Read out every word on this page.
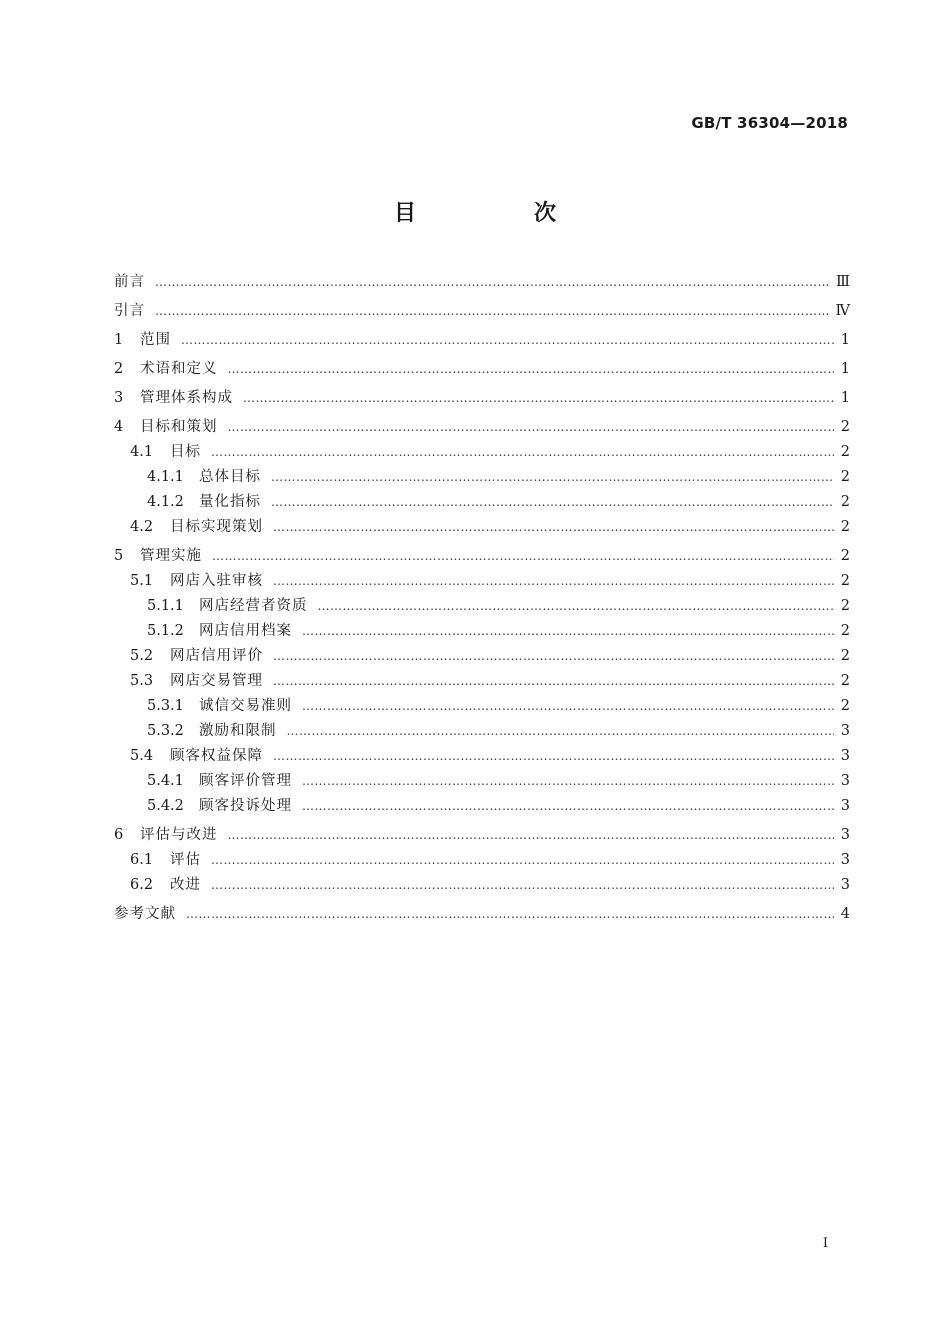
GB/T 36304—2018
目　次
前言 …………………………………………………………………………………………………………………………………………………………………………………………………………………………	Ⅲ
引言 …………………………………………………………………………………………………………………………………………………………………………………………………………………………	Ⅳ
1	范围 …………………………………………………………………………………………………………………………………………………………………………………………………………………………	1
2	术语和定义 …………………………………………………………………………………………………………………………………………………………………………………………………………………………	1
3	管理体系构成 …………………………………………………………………………………………………………………………………………………………………………………………………………………………	1
4	目标和策划 …………………………………………………………………………………………………………………………………………………………………………………………………………………………	2
4.1	目标 …………………………………………………………………………………………………………………………………………………………………………………………………………………………	2
4.1.1	总体目标 …………………………………………………………………………………………………………………………………………………………………………………………………………………………	2
4.1.2	量化指标 …………………………………………………………………………………………………………………………………………………………………………………………………………………………	2
4.2	目标实现策划 …………………………………………………………………………………………………………………………………………………………………………………………………………………………	2
5	管理实施 …………………………………………………………………………………………………………………………………………………………………………………………………………………………	2
5.1	网店入驻审核 …………………………………………………………………………………………………………………………………………………………………………………………………………………………	2
5.1.1	网店经营者资质 …………………………………………………………………………………………………………………………………………………………………………………………………………………………	2
5.1.2	网店信用档案 …………………………………………………………………………………………………………………………………………………………………………………………………………………………	2
5.2	网店信用评价 …………………………………………………………………………………………………………………………………………………………………………………………………………………………	2
5.3	网店交易管理 …………………………………………………………………………………………………………………………………………………………………………………………………………………………	2
5.3.1	诚信交易准则 …………………………………………………………………………………………………………………………………………………………………………………………………………………………	2
5.3.2	激励和限制 …………………………………………………………………………………………………………………………………………………………………………………………………………………………	3
5.4	顾客权益保障 …………………………………………………………………………………………………………………………………………………………………………………………………………………………	3
5.4.1	顾客评价管理 …………………………………………………………………………………………………………………………………………………………………………………………………………………………	3
5.4.2	顾客投诉处理 …………………………………………………………………………………………………………………………………………………………………………………………………………………………	3
6	评估与改进 …………………………………………………………………………………………………………………………………………………………………………………………………………………………	3
6.1	评估 …………………………………………………………………………………………………………………………………………………………………………………………………………………………	3
6.2	改进 …………………………………………………………………………………………………………………………………………………………………………………………………………………………	3
参考文献 …………………………………………………………………………………………………………………………………………………………………………………………………………………………	4
I
